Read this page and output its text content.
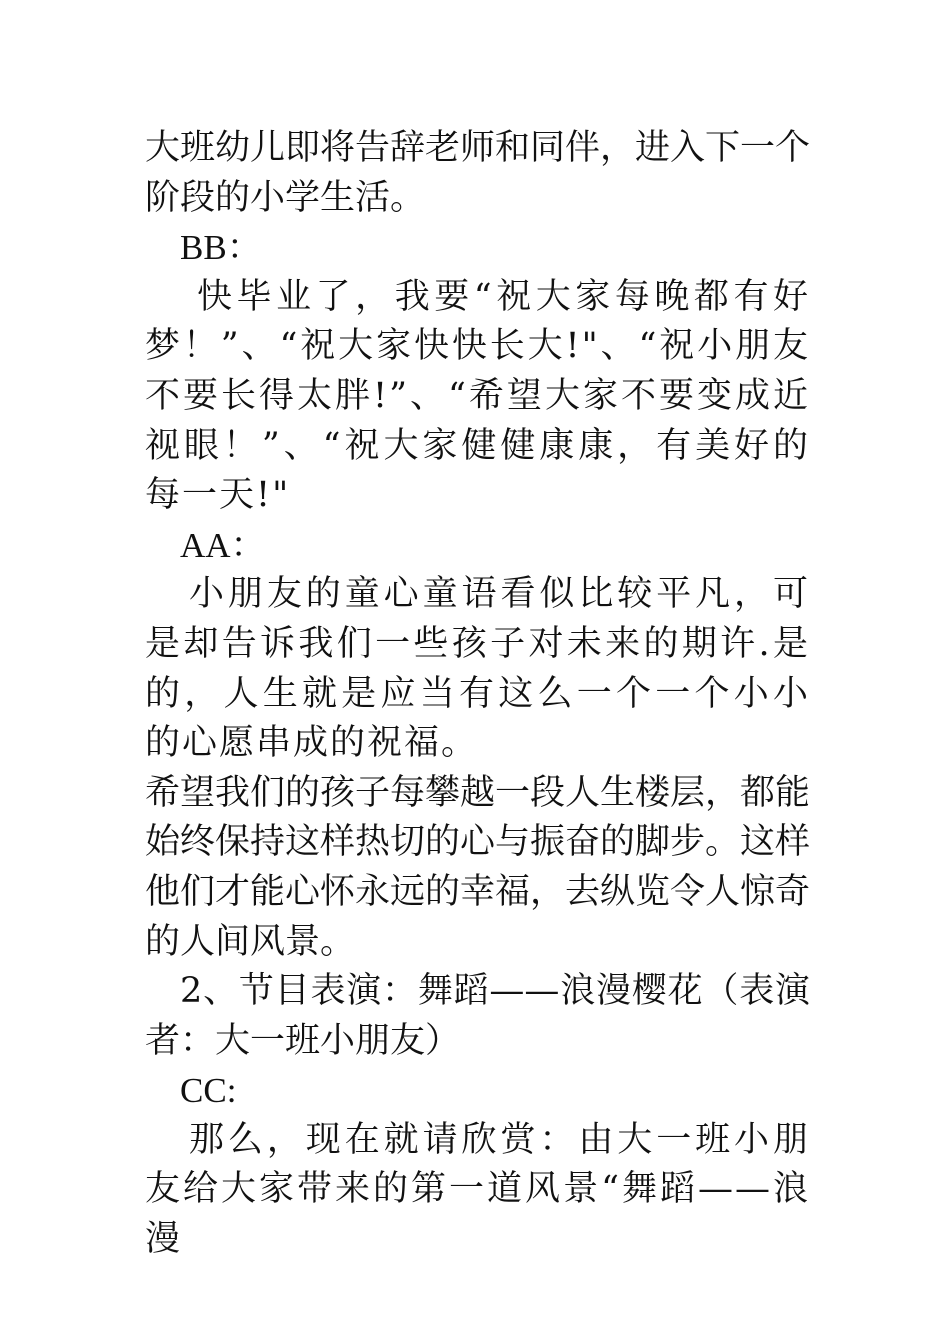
大班幼儿即将告辞老师和同伴，进入下一个阶段的小学生活。

BB：

快毕业了，我要“祝大家每晚都有好梦！”、“祝大家快快长大!"、“祝小朋友不要长得太胖!”、“希望大家不要变成近视眼！”、“祝大家健健康康，有美好的每一天!"

AA：

小朋友的童心童语看似比较平凡，可是却告诉我们一些孩子对未来的期许.是的，人生就是应当有这么一个一个小小的心愿串成的祝福。

希望我们的孩子每攀越一段人生楼层，都能始终保持这样热切的心与振奋的脚步。这样他们才能心怀永远的幸福，去纵览令人惊奇的人间风景。

2、节目表演：舞蹈——浪漫樱花（表演者：大一班小朋友）

CC:

那么，现在就请欣赏：由大一班小朋友给大家带来的第一道风景“舞蹈——浪漫
